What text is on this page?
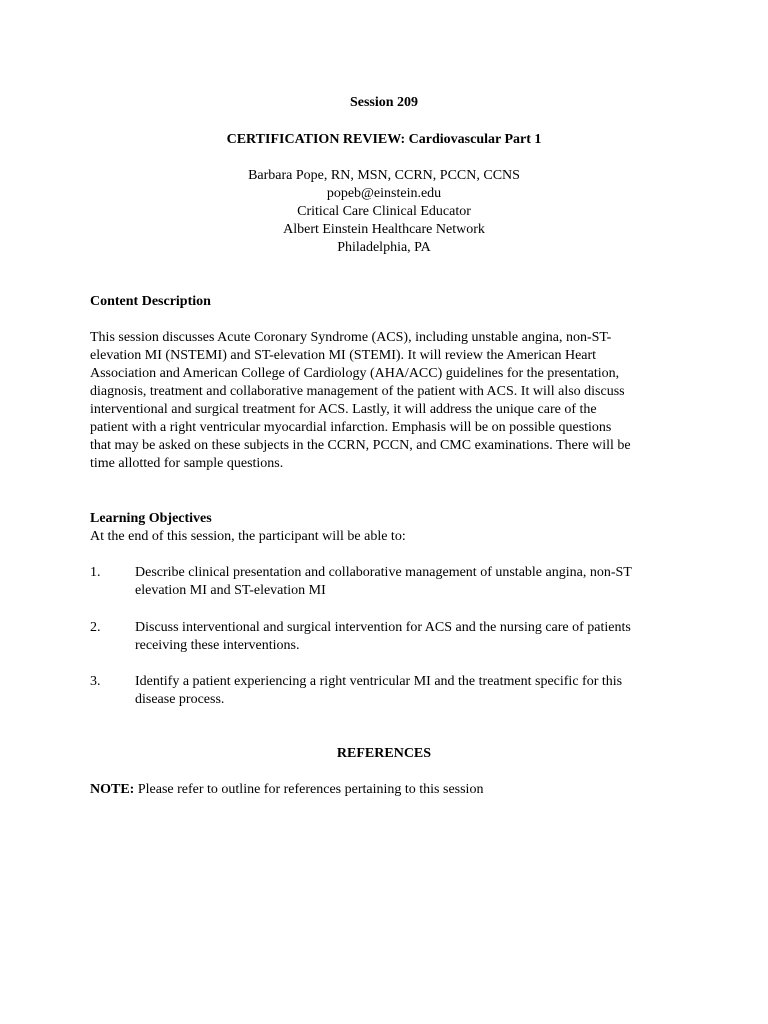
Session 209
CERTIFICATION REVIEW: Cardiovascular Part 1
Barbara Pope, RN, MSN, CCRN, PCCN, CCNS
popeb@einstein.edu
Critical Care Clinical Educator
Albert Einstein Healthcare Network
Philadelphia, PA
Content Description
This session discusses Acute Coronary Syndrome (ACS), including unstable angina, non-ST-
elevation MI (NSTEMI) and ST-elevation MI (STEMI). It will review the American Heart
Association and American College of Cardiology (AHA/ACC) guidelines for the presentation,
diagnosis, treatment and collaborative management of the patient with ACS. It will also discuss
interventional and surgical treatment for ACS. Lastly, it will address the unique care of the
patient with a right ventricular myocardial infarction. Emphasis will be on possible questions
that may be asked on these subjects in the CCRN, PCCN, and CMC examinations. There will be
time allotted for sample questions.
Learning Objectives
At the end of this session, the participant will be able to:
1. Describe clinical presentation and collaborative management of unstable angina, non-ST
elevation MI and ST-elevation MI
2. Discuss interventional and surgical intervention for ACS and the nursing care of patients
receiving these interventions.
3. Identify a patient experiencing a right ventricular MI and the treatment specific for this
disease process.
REFERENCES
NOTE: Please refer to outline for references pertaining to this session
